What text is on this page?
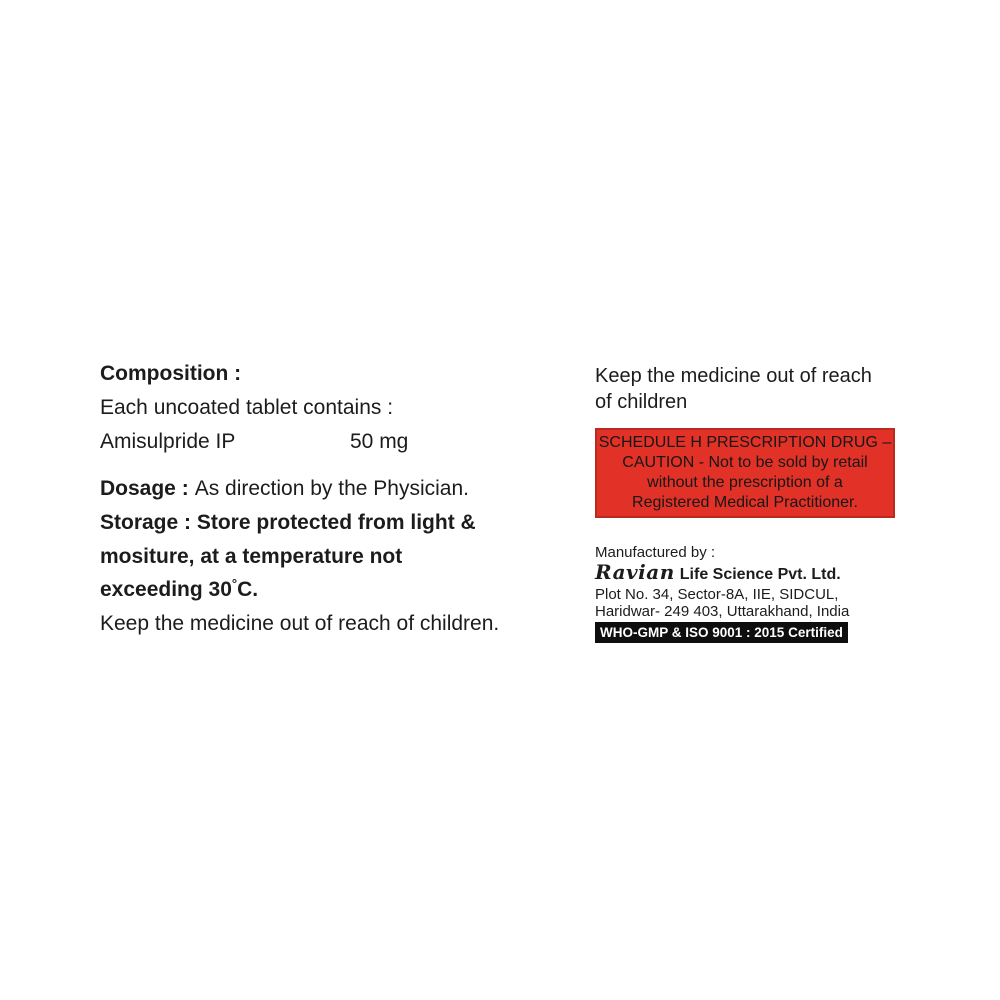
Composition :
Each uncoated tablet contains :
Amisulpride IP	50 mg
Dosage : As direction by the Physician.
Storage : Store protected from light &
mositure, at a temperature not
exceeding 30°C.
Keep the medicine out of reach of children.
Keep the medicine out of reach
of children
SCHEDULE H PRESCRIPTION DRUG –
CAUTION - Not to be sold by retail
without the prescription of a
Registered Medical Practitioner.
Manufactured by :
Ravian Life Science Pvt. Ltd.
Plot No. 34, Sector-8A, IIE, SIDCUL,
Haridwar- 249 403, Uttarakhand, India
WHO-GMP & ISO 9001 : 2015 Certified
